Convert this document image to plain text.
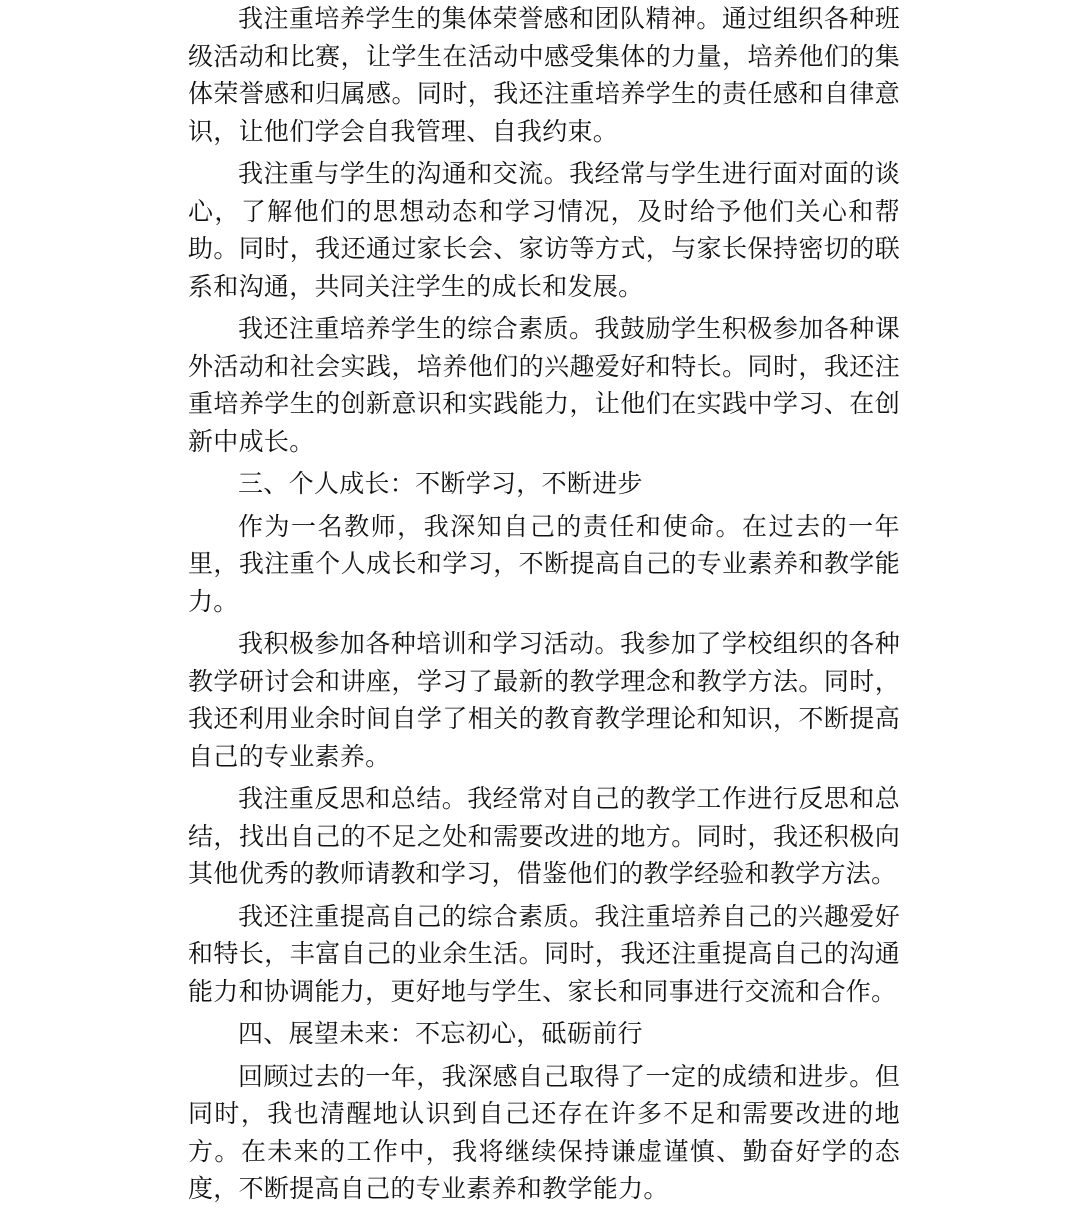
我注重培养学生的集体荣誉感和团队精神。通过组织各种班级活动和比赛，让学生在活动中感受集体的力量，培养他们的集体荣誉感和归属感。同时，我还注重培养学生的责任感和自律意识，让他们学会自我管理、自我约束。

我注重与学生的沟通和交流。我经常与学生进行面对面的谈心，了解他们的思想动态和学习情况，及时给予他们关心和帮助。同时，我还通过家长会、家访等方式，与家长保持密切的联系和沟通，共同关注学生的成长和发展。

我还注重培养学生的综合素质。我鼓励学生积极参加各种课外活动和社会实践，培养他们的兴趣爱好和特长。同时，我还注重培养学生的创新意识和实践能力，让他们在实践中学习、在创新中成长。

三、个人成长：不断学习，不断进步

作为一名教师，我深知自己的责任和使命。在过去的一年里，我注重个人成长和学习，不断提高自己的专业素养和教学能力。

我积极参加各种培训和学习活动。我参加了学校组织的各种教学研讨会和讲座，学习了最新的教学理念和教学方法。同时，我还利用业余时间自学了相关的教育教学理论和知识，不断提高自己的专业素养。

我注重反思和总结。我经常对自己的教学工作进行反思和总结，找出自己的不足之处和需要改进的地方。同时，我还积极向其他优秀的教师请教和学习，借鉴他们的教学经验和教学方法。

我还注重提高自己的综合素质。我注重培养自己的兴趣爱好和特长，丰富自己的业余生活。同时，我还注重提高自己的沟通能力和协调能力，更好地与学生、家长和同事进行交流和合作。

四、展望未来：不忘初心，砥砺前行

回顾过去的一年，我深感自己取得了一定的成绩和进步。但同时，我也清醒地认识到自己还存在许多不足和需要改进的地方。在未来的工作中，我将继续保持谦虚谨慎、勤奋好学的态度，不断提高自己的专业素养和教学能力。
